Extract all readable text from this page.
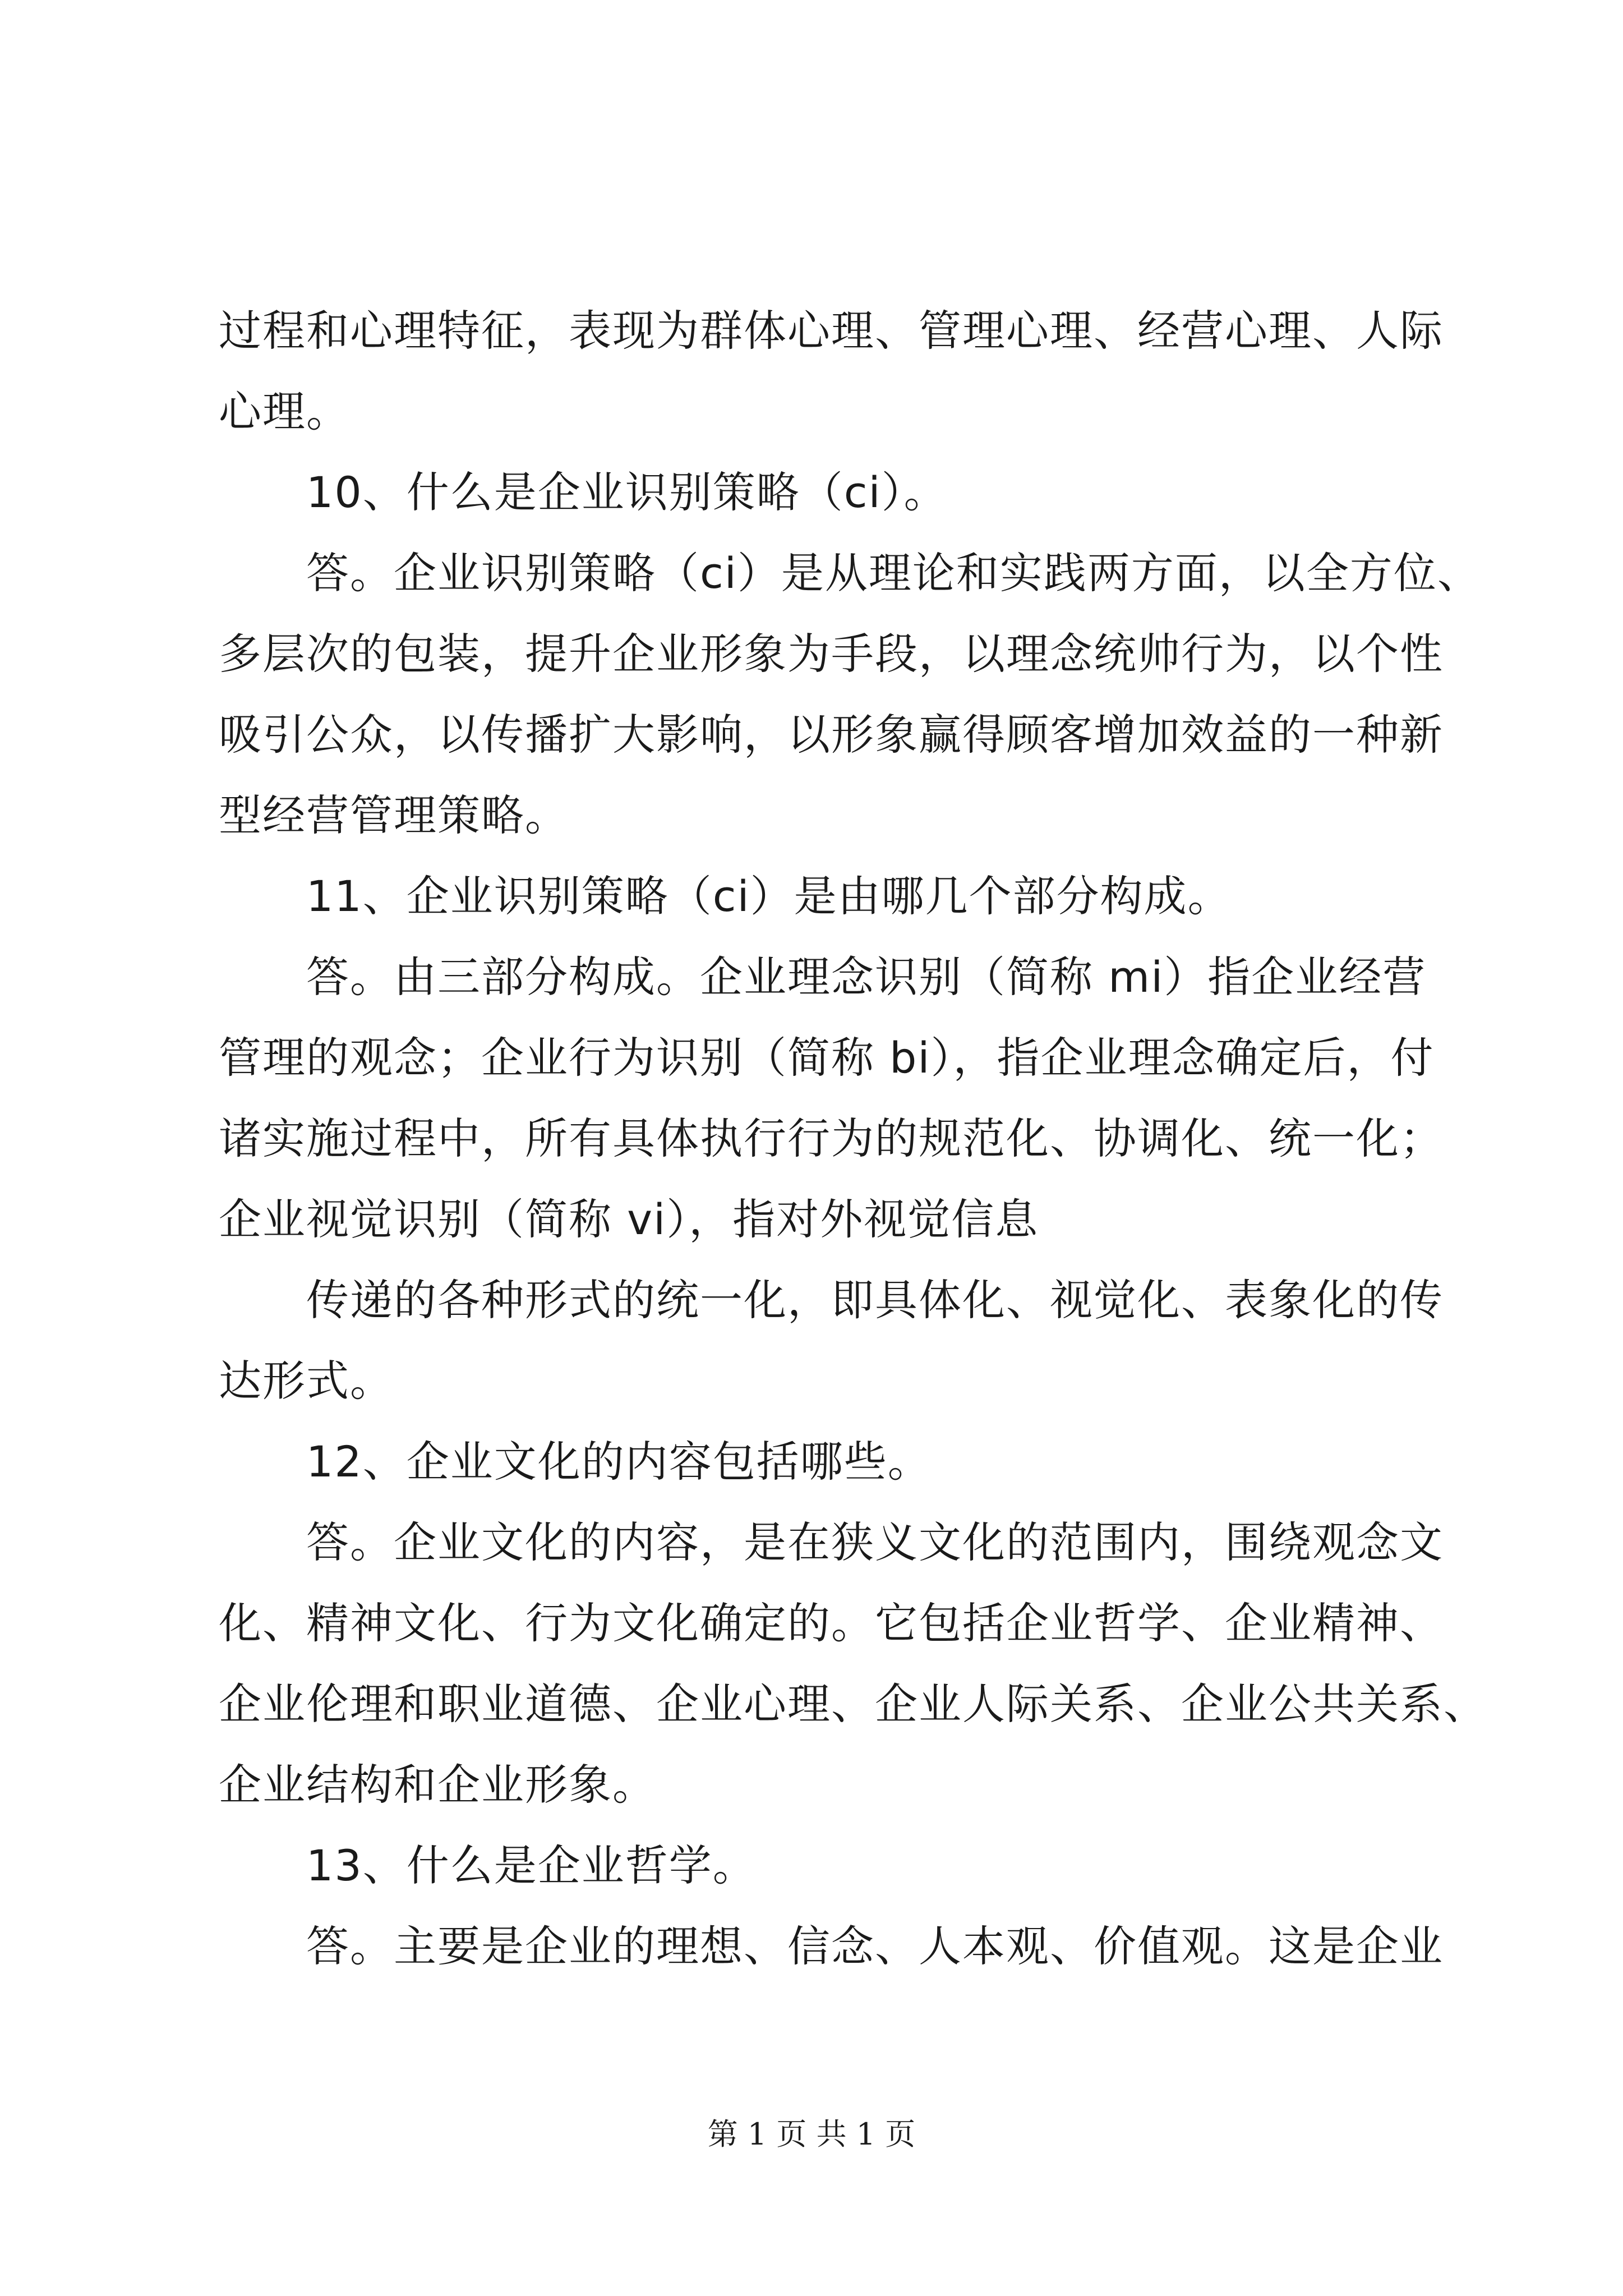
过程和心理特征，表现为群体心理、管理心理、经营心理、人际
心理。
10、什么是企业识别策略（ci）。
答。企业识别策略（ci）是从理论和实践两方面，以全方位、
多层次的包装，提升企业形象为手段，以理念统帅行为，以个性
吸引公众，以传播扩大影响，以形象赢得顾客增加效益的一种新
型经营管理策略。
11、企业识别策略（ci）是由哪几个部分构成。
答。由三部分构成。企业理念识别（简称 mi）指企业经营
管理的观念；企业行为识别（简称 bi），指企业理念确定后，付
诸实施过程中，所有具体执行行为的规范化、协调化、统一化；
企业视觉识别（简称 vi），指对外视觉信息
传递的各种形式的统一化，即具体化、视觉化、表象化的传
达形式。
12、企业文化的内容包括哪些。
答。企业文化的内容，是在狭义文化的范围内，围绕观念文
化、精神文化、行为文化确定的。它包括企业哲学、企业精神、
企业伦理和职业道德、企业心理、企业人际关系、企业公共关系、
企业结构和企业形象。
13、什么是企业哲学。
答。主要是企业的理想、信念、人本观、价值观。这是企业
第 1 页 共 1 页
